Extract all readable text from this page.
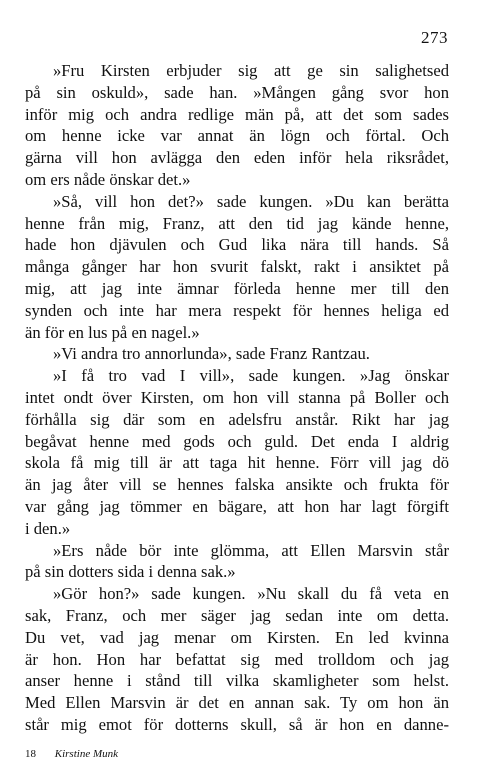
273
»Fru Kirsten erbjuder sig att ge sin salighetsed
på sin oskuld», sade han. »Mången gång svor hon
inför mig och andra redlige män på, att det som sades
om henne icke var annat än lögn och förtal. Och
gärna vill hon avlägga den eden inför hela riksrådet,
om ers nåde önskar det.»
»Så, vill hon det?» sade kungen. »Du kan berätta
henne från mig, Franz, att den tid jag kände henne,
hade hon djävulen och Gud lika nära till hands. Så
många gånger har hon svurit falskt, rakt i ansiktet på
mig, att jag inte ämnar förleda henne mer till den
synden och inte har mera respekt för hennes heliga ed
än för en lus på en nagel.»
»Vi andra tro annorlunda», sade Franz Rantzau.
»I få tro vad I vill», sade kungen. »Jag önskar
intet ondt över Kirsten, om hon vill stanna på Boller och
förhålla sig där som en adelsfru anstår. Rikt har jag
begåvat henne med gods och guld. Det enda I aldrig
skola få mig till är att taga hit henne. Förr vill jag dö
än jag åter vill se hennes falska ansikte och frukta för
var gång jag tömmer en bägare, att hon har lagt förgift
i den.»
»Ers nåde bör inte glömma, att Ellen Marsvin står
på sin dotters sida i denna sak.»
»Gör hon?» sade kungen. »Nu skall du få veta en
sak, Franz, och mer säger jag sedan inte om detta.
Du vet, vad jag menar om Kirsten. En led kvinna
är hon. Hon har befattat sig med trolldom och jag
anser henne i stånd till vilka skamligheter som helst.
Med Ellen Marsvin är det en annan sak. Ty om hon än
står mig emot för dotterns skull, så är hon en danne-
18 Kirstine Munk
